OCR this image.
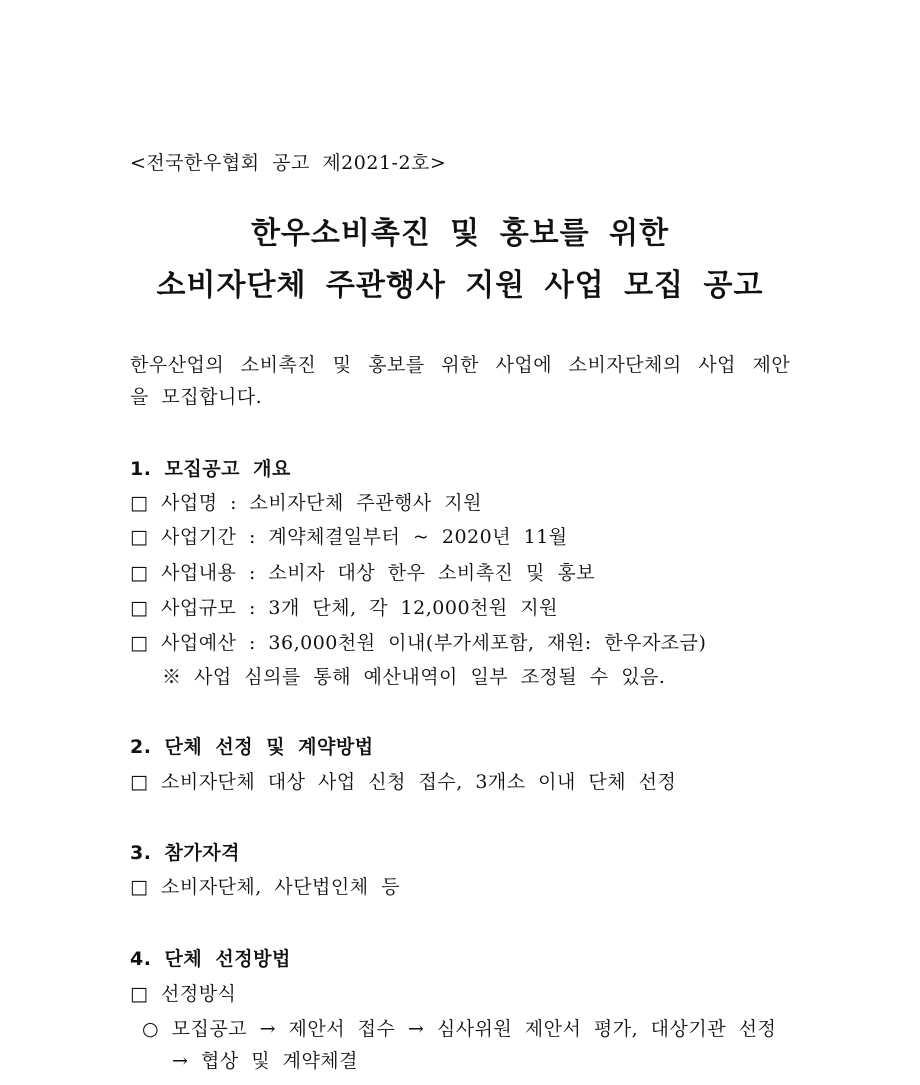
<전국한우협회 공고 제2021-2호>
한우소비촉진 및 홍보를 위한
소비자단체 주관행사 지원 사업 모집 공고
한우산업의 소비촉진 및 홍보를 위한 사업에 소비자단체의 사업 제안
을 모집합니다.
1. 모집공고 개요
□ 사업명 : 소비자단체 주관행사 지원
□ 사업기간 : 계약체결일부터 ~ 2020년 11월
□ 사업내용 : 소비자 대상 한우 소비촉진 및 홍보
□ 사업규모 : 3개 단체, 각 12,000천원 지원
□ 사업예산 : 36,000천원 이내(부가세포함, 재원: 한우자조금)
※ 사업 심의를 통해 예산내역이 일부 조정될 수 있음.
2. 단체 선정 및 계약방법
□ 소비자단체 대상 사업 신청 접수, 3개소 이내 단체 선정
3. 참가자격
□ 소비자단체, 사단법인체 등
4. 단체 선정방법
□ 선정방식
○ 모집공고 → 제안서 접수 → 심사위원 제안서 평가, 대상기관 선정
→ 협상 및 계약체결
